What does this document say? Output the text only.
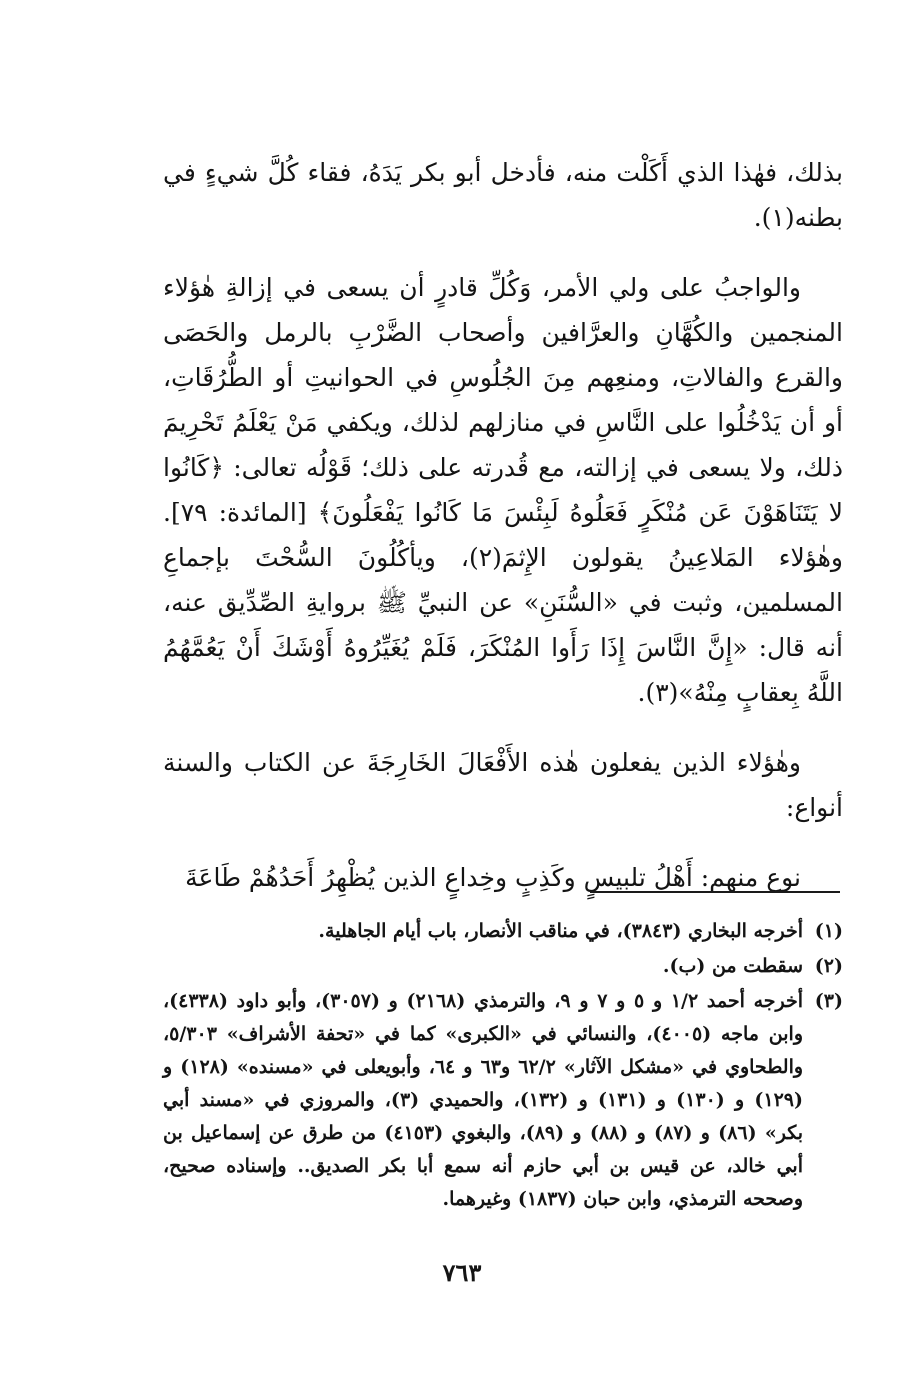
بذلك، فهٰذا الذي أَكَلْت منه، فأدخل أبو بكر يَدَهُ، فقاء كُلَّ شيءٍ في بطنه(١).

والواجبُ على ولي الأمر، وَكُلِّ قادرٍ أن يسعى في إزالةِ هٰؤلاء المنجمين والكُهَّانِ والعرَّافين وأصحاب الضَّرْبِ بالرمل والحَصَى والقرع والفالاتِ، ومنعِهم مِنَ الجُلُوسِ في الحوانيتِ أو الطُّرُقَاتِ، أو أن يَدْخُلُوا على النَّاسِ في منازلهم لذلك، ويكفي مَنْ يَعْلَمُ تَحْرِيمَ ذلك، ولا يسعى في إزالته، مع قُدرته على ذلك؛ قَوْلُه تعالى: ﴿كَانُوا لا يَتَنَاهَوْنَ عَن مُنْكَرٍ فَعَلُوهُ لَبِئْسَ مَا كَانُوا يَفْعَلُونَ﴾ [المائدة: ٧٩]. وهٰؤلاء المَلاعِينُ يقولون الإِثمَ(٢)، ويأكُلُونَ السُّحْتَ بإجماعِ المسلمين، وثبت في «السُّنَنِ» عن النبيِّ ﷺ بروايةِ الصِّدِّيق عنه، أنه قال: «إِنَّ النَّاسَ إِذَا رَأَوا المُنْكَرَ، فَلَمْ يُغَيِّرُوهُ أَوْشَكَ أَنْ يَعُمَّهُمُ اللَّهُ بِعقابٍ مِنْهُ»(٣).

وهٰؤلاء الذين يفعلون هٰذه الأَفْعَالَ الخَارِجَةَ عن الكتاب والسنة أنواع:

نوع منهم: أَهْلُ تلبيسٍ وكَذِبٍ وخِداعٍ الذين يُظْهِرُ أَحَدُهُمْ طَاعَةَ

(١)
أخرجه البخاري (٣٨٤٣)، في مناقب الأنصار، باب أيام الجاهلية.
(٢)
سقطت من (ب).
(٣)
أخرجه أحمد ١/٢ و ٥ و ٧ و ٩، والترمذي (٢١٦٨) و (٣٠٥٧)، وأبو داود (٤٣٣٨)، وابن ماجه (٤٠٠٥)، والنسائي في «الكبرى» كما في «تحفة الأشراف» ٥/٣٠٣، والطحاوي في «مشكل الآثار» ٦٢/٢ و٦٣ و ٦٤، وأبويعلى في «مسنده» (١٢٨) و (١٢٩) و (١٣٠) و (١٣١) و (١٣٢)، والحميدي (٣)، والمروزي في «مسند أبي بكر» (٨٦) و (٨٧) و (٨٨) و (٨٩)، والبغوي (٤١٥٣) من طرق عن إسماعيل بن أبي خالد، عن قيس بن أبي حازم أنه سمع أبا بكر الصديق.. وإسناده صحيح، وصححه الترمذي، وابن حبان (١٨٣٧) وغيرهما.
٧٦٣
